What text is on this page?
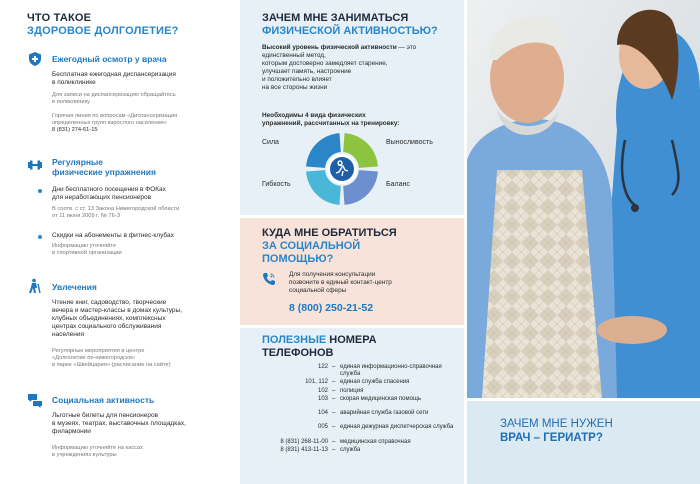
ЧТО ТАКОЕ
ЗДОРОВОЕ ДОЛГОЛЕТИЕ?
Ежегодный осмотр у врача
Бесплатная ежегодная диспансеризация
в поликлинике
Для записи на диспансеризацию обращайтесь
в поликлинику
Горячая линия по вопросам «Диспансеризация
определенных групп взрослого населения»
8 (831) 274-61-15
Регулярные
физические упражнения
Дни бесплатного посещения в ФОКах
для неработающих пенсионеров
В соотв. с ст. 13 Закона Нижегородской области
от 11 июня 2009 г. № 76-З
Скидки на абонементы в фитнес-клубах
Информацию уточняйте
в спортивной организации
Увлечения
Чтение книг, садоводство, творческие
вечера и мастер-классы в домах культуры,
клубных объединениях, комплексных
центрах социального обслуживания
населения
Регулярные мероприятия в центре
«Долголетие по-нижегородски»
в парке «Швейцария» (расписание на сайте)
Социальная активность
Льготные билеты для пенсионеров
в музеях, театрах, выставочных площадках,
филармонии
Информацию уточняйте на кассах
в учреждениях культуры
ЗАЧЕМ МНЕ ЗАНИМАТЬСЯ
ФИЗИЧЕСКОЙ АКТИВНОСТЬЮ?
Высокий уровень физической активности — это единственный метод,
которым достоверно замедляет старение,
улучшает память, настроение
и положительно влияет
на все стороны жизни
Необходимы 4 вида физических
упражнений, рассчитанных на тренировку:
Сила	Выносливость
Гибкость	Баланс
КУДА МНЕ ОБРАТИТЬСЯ
ЗА СОЦИАЛЬНОЙ
ПОМОЩЬЮ?
Для получения консультации
позвоните в единый контакт-центр
социальной сферы
8 (800) 250-21-52
ПОЛЕЗНЫЕ НОМЕРА
ТЕЛЕФОНОВ
122 – единая информационно-справочная служба
101, 112 – единая служба спасения
102 – полиция
103 – скорая медицинская помощь
104 – аварийная служба газовой сети
005 – единая дежурная диспетчерская служба
8 (831) 268-11-00 – медицинская справочная
8 (831) 413-11-13 – служба
ЗАЧЕМ МНЕ НУЖЕН
ВРАЧ – ГЕРИАТР?
